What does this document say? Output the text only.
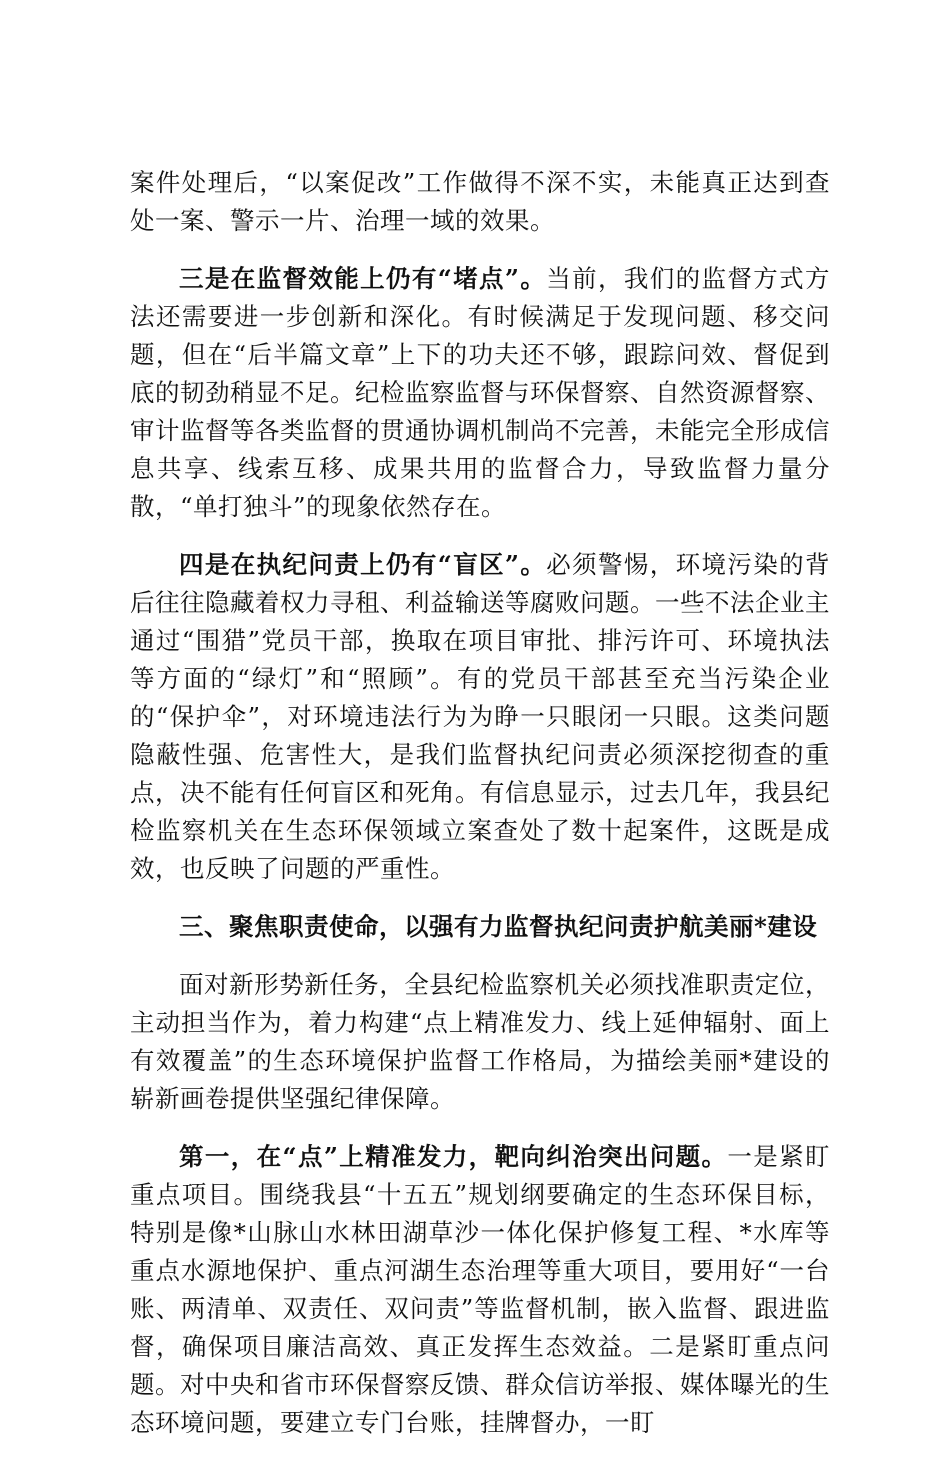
案件处理后，“以案促改”工作做得不深不实，未能真正达到查处一案、警示一片、治理一域的效果。

三是在监督效能上仍有“堵点”。当前，我们的监督方式方法还需要进一步创新和深化。有时候满足于发现问题、移交问题，但在“后半篇文章”上下的功夫还不够，跟踪问效、督促到底的韧劲稍显不足。纪检监察监督与环保督察、自然资源督察、审计监督等各类监督的贯通协调机制尚不完善，未能完全形成信息共享、线索互移、成果共用的监督合力，导致监督力量分散，“单打独斗”的现象依然存在。

四是在执纪问责上仍有“盲区”。必须警惕，环境污染的背后往往隐藏着权力寻租、利益输送等腐败问题。一些不法企业主通过“围猎”党员干部，换取在项目审批、排污许可、环境执法等方面的“绿灯”和“照顾”。有的党员干部甚至充当污染企业的“保护伞”，对环境违法行为为睁一只眼闭一只眼。这类问题隐蔽性强、危害性大，是我们监督执纪问责必须深挖彻查的重点，决不能有任何盲区和死角。有信息显示，过去几年，我县纪检监察机关在生态环保领域立案查处了数十起案件，这既是成效，也反映了问题的严重性。

三、聚焦职责使命，以强有力监督执纪问责护航美丽*建设

面对新形势新任务，全县纪检监察机关必须找准职责定位，主动担当作为，着力构建“点上精准发力、线上延伸辐射、面上有效覆盖”的生态环境保护监督工作格局，为描绘美丽*建设的崭新画卷提供坚强纪律保障。

第一，在“点”上精准发力，靶向纠治突出问题。一是紧盯重点项目。围绕我县“十五五”规划纲要确定的生态环保目标，特别是像*山脉山水林田湖草沙一体化保护修复工程、*水库等重点水源地保护、重点河湖生态治理等重大项目，要用好“一台账、两清单、双责任、双问责”等监督机制，嵌入监督、跟进监督，确保项目廉洁高效、真正发挥生态效益。二是紧盯重点问题。对中央和省市环保督察反馈、群众信访举报、媒体曝光的生态环境问题，要建立专门台账，挂牌督办，一盯
